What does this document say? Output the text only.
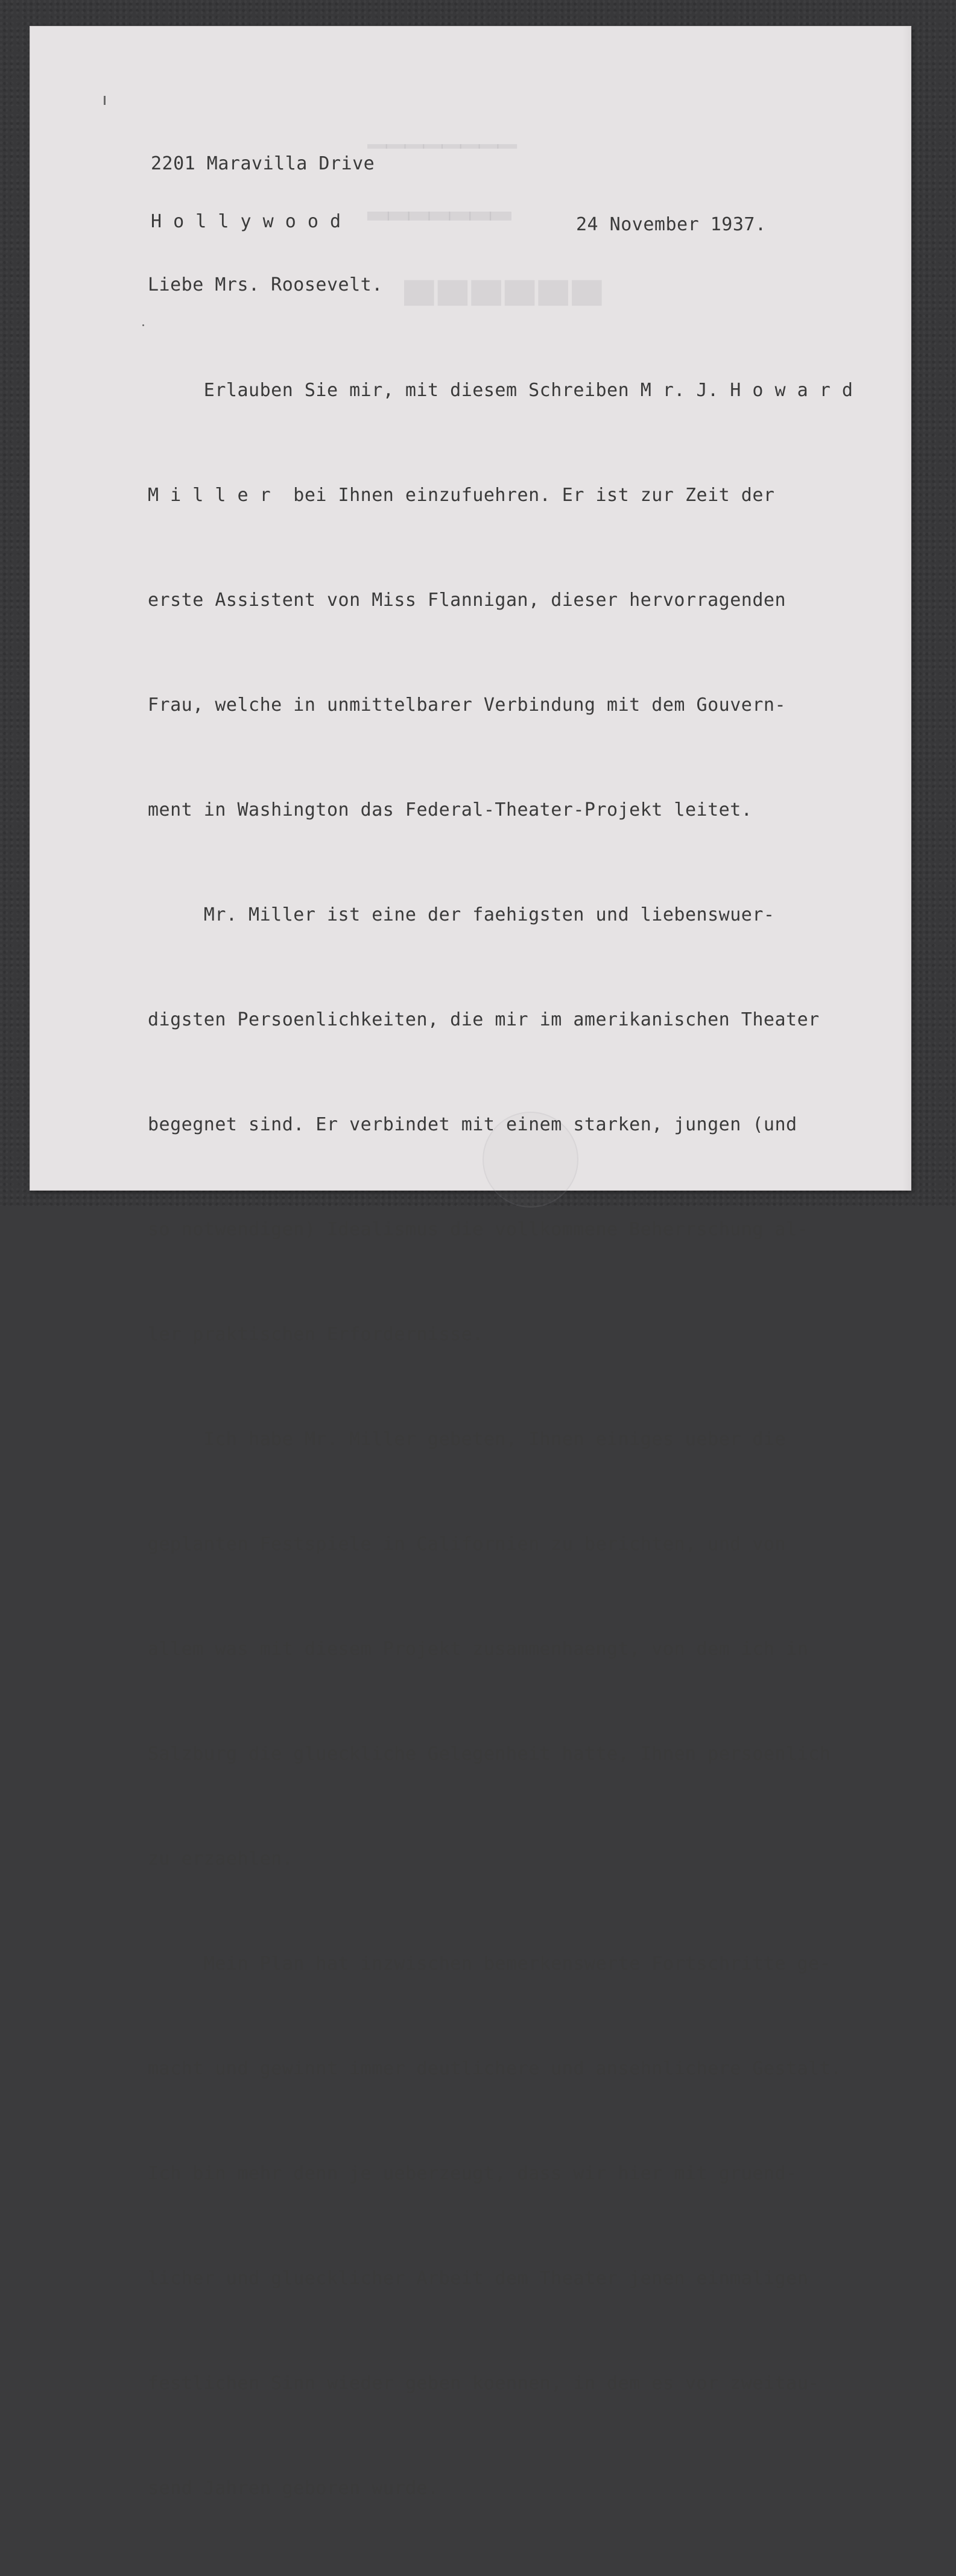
▁▁▁▁▁▁▁▁
▂▂▂▂▂▂▂
▄▄▄▄▄▄

2201 Maravilla Drive

H o l l y w o o d

	24 November 1937.
Liebe Mrs. Roosevelt.

Erlauben Sie mir, mit diesem Schreiben M r. J. H o w a r d

M i l l e r  bei Ihnen einzufuehren. Er ist zur Zeit der

erste Assistent von Miss Flannigan, dieser hervorragenden

Frau, welche in unmittelbarer Verbindung mit dem Gouvern-

ment in Washington das Federal-Theater-Projekt leitet.

Mr. Miller ist eine der faehigsten und liebenswuer-

digsten Persoenlichkeiten, die mir im amerikanischen Theater

begegnet sind. Er verbindet mit einem starken, jungen (und

so notwendigen) Idealismus die vollkommene Beherrschung al-

ler praktischen Erfordernisse.

Ich habe Mr. Miller gebeten, Ihnen einiges ueber die

geplanten Festspiele in Californien zu berichten, und von

allem was mit diesem Projekt zusammenhaengt, von dem ich in

Salzburg die glueckliche Gelegenheit hatte, Ihnen persoenlich

zu erzaehlen.

Mein Plan hat inzwischen bemerkenswerte Fortschritte ge-

macht und gewinnt immer deutlichere und ansehnlichere Gestalt.

Ich bin mehr denn je ueberzeugt, dass wir hier mit gruend-

licher und gluecklicher Arbeit dem Theater jenen einmaligen

festlichen Sinn wieder geben koennen, in dem es vor zweitau-

send Jahren geboren wurde.
